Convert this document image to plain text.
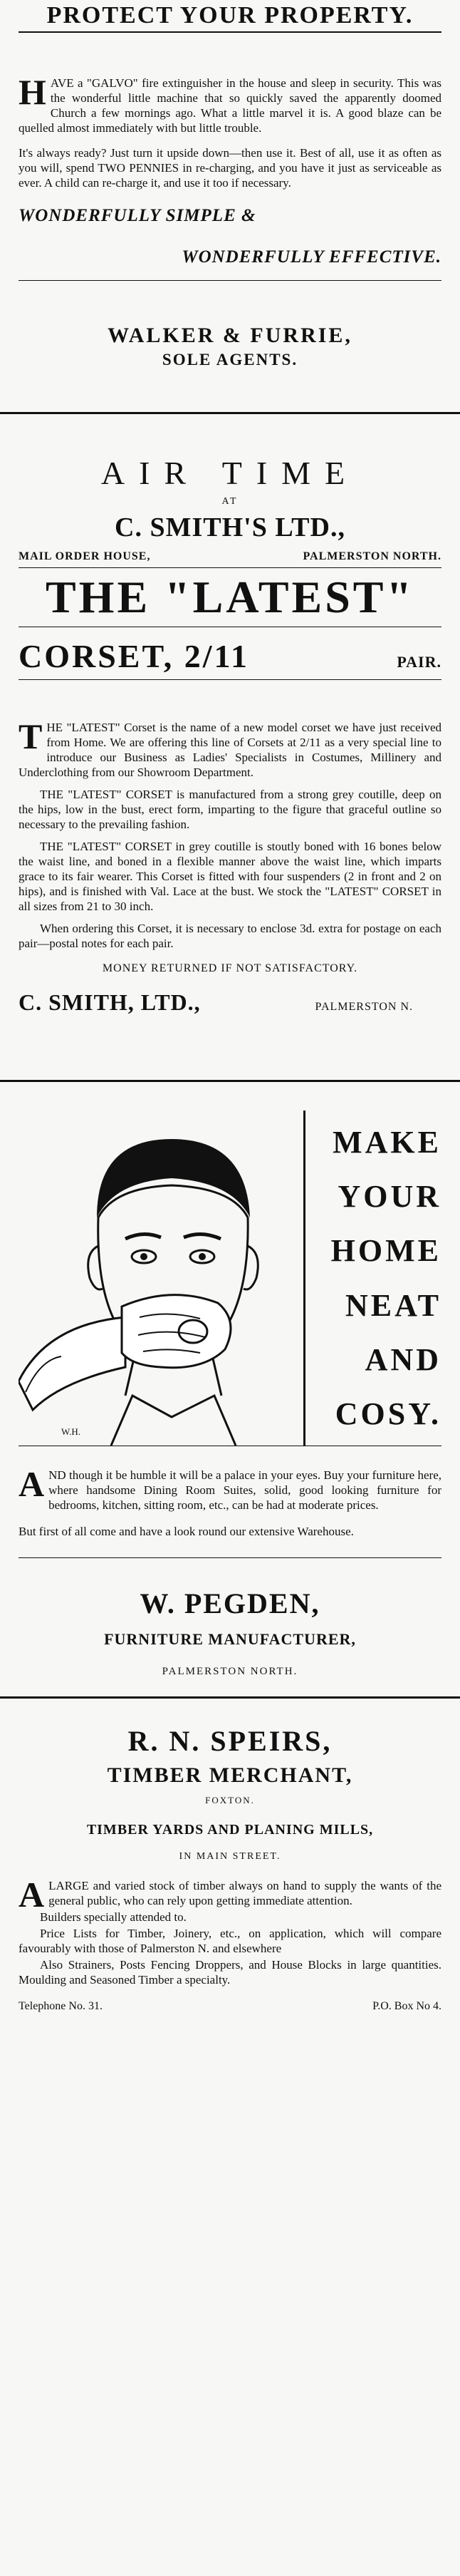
PROTECT YOUR PROPERTY.
HAVE a "GALVO" fire extinguisher in the house and sleep in security. This was the wonderful little machine that so quickly saved the apparently doomed Church a few mornings ago. What a little marvel it is. A good blaze can be quelled almost immediately with but little trouble.

It's always ready? Just turn it upside down—then use it. Best of all, use it as often as you will, spend TWO PENNIES in re-charging, and you have it just as serviceable as ever. A child can re-charge it, and use it too if necessary.

WONDERFULLY SIMPLE &
WONDERFULLY EFFECTIVE.
WALKER & FURRIE,
SOLE AGENTS.
AIR TIME
AT
C. SMITH'S LTD.,
MAIL ORDER HOUSE,	PALMERSTON NORTH.
THE "LATEST"
CORSET, 2/11	PAIR.
THE "LATEST" Corset is the name of a new model corset we have just received from Home. We are offering this line of Corsets at 2/11 as a very special line to introduce our Business as Ladies' Specialists in Costumes, Millinery and Underclothing from our Showroom Department.

THE "LATEST" CORSET is manufactured from a strong grey coutille, deep on the hips, low in the bust, erect form, imparting to the figure that graceful outline so necessary to the prevailing fashion.

THE "LATEST" CORSET in grey coutille is stoutly boned with 16 bones below the waist line, and boned in a flexible manner above the waist line, which imparts grace to its fair wearer. This Corset is fitted with four suspenders (2 in front and 2 on hips), and is finished with Val. Lace at the bust. We stock the "LATEST" CORSET in all sizes from 21 to 30 inch.

When ordering this Corset, it is necessary to enclose 3d. extra for postage on each pair—postal notes for each pair.

MONEY RETURNED IF NOT SATISFACTORY.
C. SMITH, LTD.,	PALMERSTON N.
W.H.
MAKE
YOUR
HOME
NEAT
AND
COSY.
AND though it be humble it will be a palace in your eyes. Buy your furniture here, where handsome Dining Room Suites, solid, good looking furniture for bedrooms, kitchen, sitting room, etc., can be had at moderate prices.

But first of all come and have a look round our extensive Warehouse.

W. PEGDEN,
FURNITURE MANUFACTURER,
PALMERSTON NORTH.
R. N. SPEIRS,
TIMBER MERCHANT,
FOXTON.
TIMBER YARDS AND PLANING MILLS,
IN MAIN STREET.
ALARGE and varied stock of timber always on hand to supply the wants of the general public, who can rely upon getting immediate attention.

Builders specially attended to.

Price Lists for Timber, Joinery, etc., on application, which will compare favourably with those of Palmerston N. and elsewhere

Also Strainers, Posts Fencing Droppers, and House Blocks in large quantities. Moulding and Seasoned Timber a specialty.

Telephone No. 31.	P.O. Box No 4.
